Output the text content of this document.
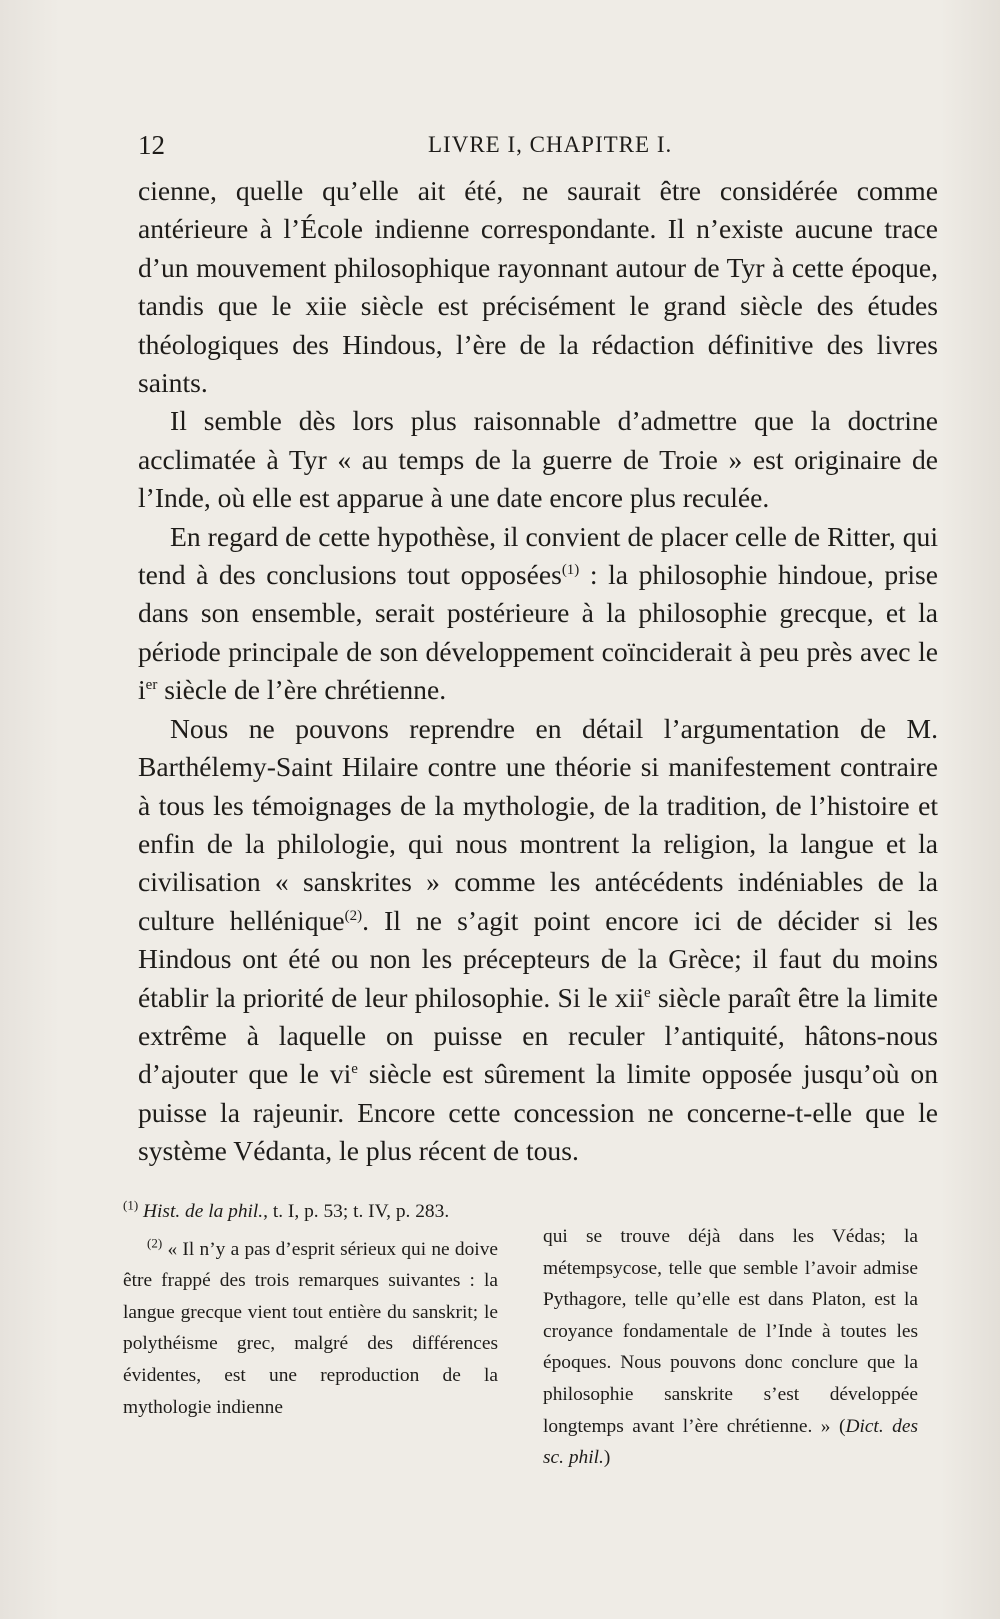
12	LIVRE I, CHAPITRE I.

cienne, quelle qu’elle ait été, ne saurait être considérée comme antérieure à l’École indienne correspondante. Il n’existe aucune trace d’un mouvement philosophique rayonnant autour de Tyr à cette époque, tandis que le xiie siècle est précisément le grand siècle des études théologiques des Hindous, l’ère de la rédaction définitive des livres saints.

Il semble dès lors plus raisonnable d’admettre que la doctrine acclimatée à Tyr « au temps de la guerre de Troie » est originaire de l’Inde, où elle est apparue à une date encore plus reculée.

En regard de cette hypothèse, il convient de placer celle de Ritter, qui tend à des conclusions tout opposées$^{(1)}$ : la philosophie hindoue, prise dans son ensemble, serait postérieure à la philosophie grecque, et la période principale de son développement coïnciderait à peu près avec le $i^{er}$ siècle de l’ère chrétienne.

Nous ne pouvons reprendre en détail l’argumentation de M. Barthélemy-Saint Hilaire contre une théorie si manifestement contraire à tous les témoignages de la mythologie, de la tradition, de l’histoire et enfin de la philologie, qui nous montrent la religion, la langue et la civilisation « sanskrites » comme les antécédents indéniables de la culture hellénique$^{(2)}$. Il ne s’agit point encore ici de décider si les Hindous ont été ou non les précepteurs de la Grèce; il faut du moins établir la priorité de leur philosophie. Si le xii$^e$ siècle paraît être la limite extrême à laquelle on puisse en reculer l’antiquité, hâtons-nous d’ajouter que le $vi^e$ siècle est sûrement la limite opposée jusqu’où on puisse la rajeunir. Encore cette concession ne concerne-t-elle que le système Védanta, le plus récent de tous.

$^{(1)}$ Hist. de la phil., t. I, p. 53; t. IV, p. 283.

$^{(2)}$ « Il n’y a pas d’esprit sérieux qui ne doive être frappé des trois remarques suivantes : la langue grecque vient tout entière du sanskrit; le polythéisme grec, malgré des différences évidentes, est une reproduction de la mythologie indienne

qui se trouve déjà dans les Védas; la métempsycose, telle que semble l’avoir admise Pythagore, telle qu’elle est dans Platon, est la croyance fondamentale de l’Inde à toutes les époques. Nous pouvons donc conclure que la philosophie sanskrite s’est développée longtemps avant l’ère chrétienne. » (Dict. des sc. phil.)
